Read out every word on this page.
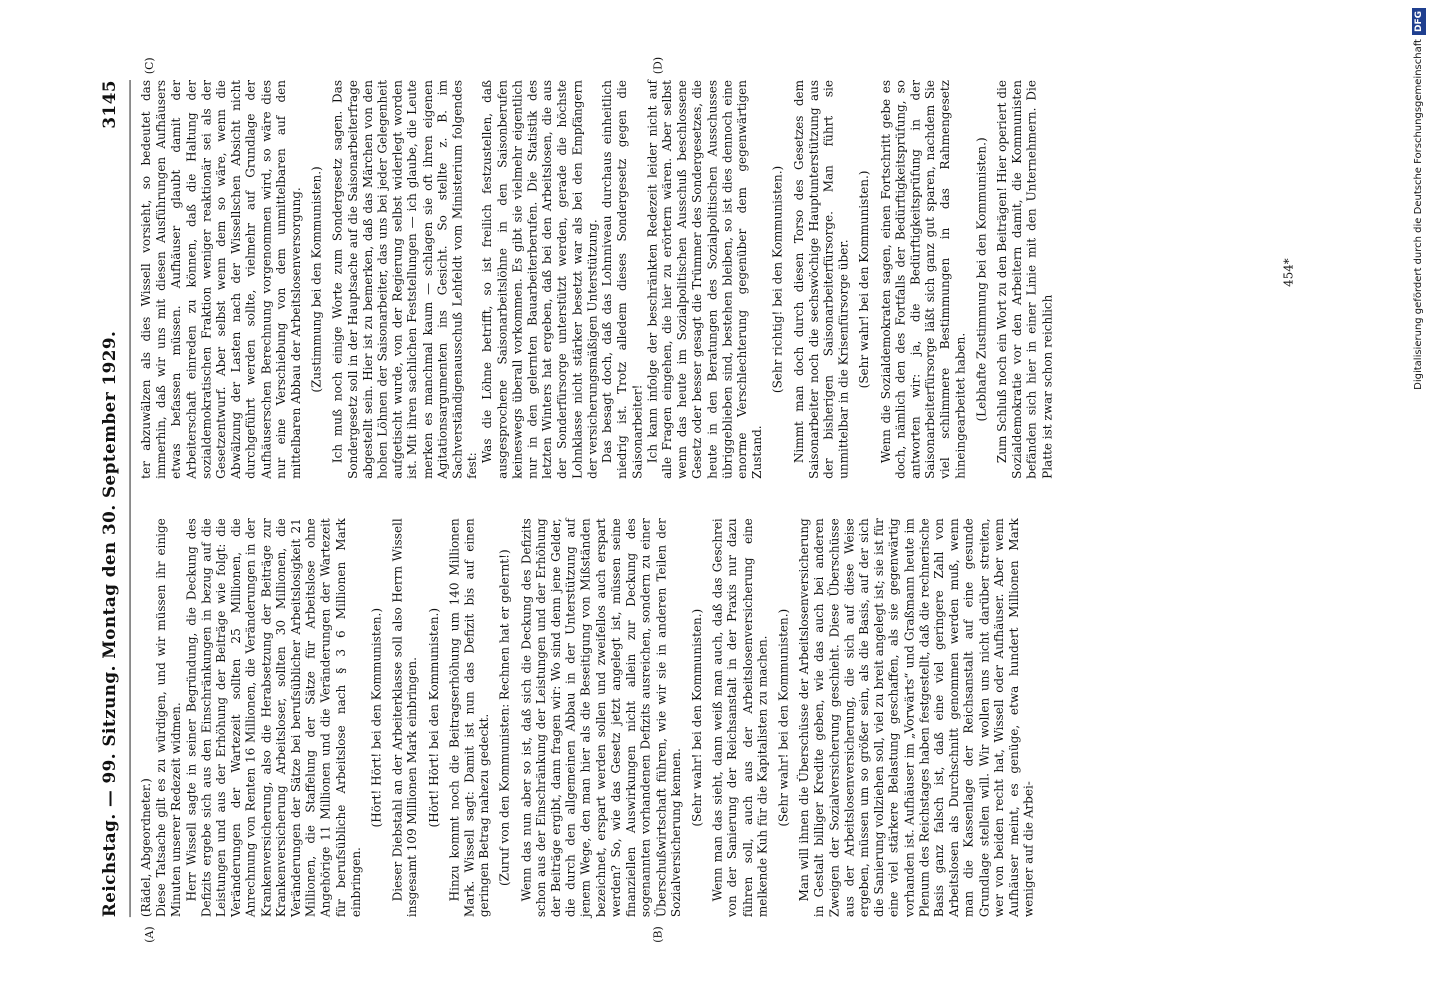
Reichstag. — 99. Sitzung. Montag den 30. September 1929.
3145

(Rädel, Abgeordneter.) Diese Tatsache gilt es zu würdigen, und wir müssen ihr einige Minuten unserer Redezeit widmen. Herr Wissell sagte in seiner Begründung, die Deckung des Defizits ergebe sich aus den Einschränkungen in bezug auf die Leistungen und aus der Erhöhung der Beiträge wie folgt: die Veränderungen der Wartezeit sollten 25 Millionen, die Anrechnung von Renten 16 Millionen, die Veränderungen in der Krankenversicherung, also die Herabsetzung der Beiträge zur Krankenversicherung Arbeitsloser, sollten 30 Millionen, die Veränderungen der Sätze bei berufsüblicher Arbeitslosigkeit 21 Millionen, die Staffelung der Sätze für Arbeitslose ohne Angehörige 11 Millionen und die Veränderungen der Wartezeit für berufsübliche Arbeitslose nach § 3 6 Millionen Mark einbringen.

(Hört! Hört! bei den Kommunisten.) Dieser Diebstahl an der Arbeiterklasse soll also Herrn Wissell insgesamt 109 Millionen Mark einbringen. (Hört! Hört! bei den Kommunisten.) Hinzu kommt noch die Beitragserhöhung um 140 Millionen Mark. Wissell sagt: Damit ist nun das Defizit bis auf einen geringen Betrag nahezu gedeckt. (Zuruf von den Kommunisten: Rechnen hat er gelernt!) Wenn das nun aber so ist, daß sich die Deckung des Defizits schon aus der Einschränkung der Leistungen und der Erhöhung der Beiträge ergibt, dann fragen wir: Wo sind denn jene Gelder, die durch den allgemeinen Abbau in der Unterstützung auf jenem Wege, den man hier als die Beseitigung von Mißständen bezeichnet, erspart werden sollen und zweifellos auch erspart werden? So, wie das Gesetz jetzt angelegt ist, müssen seine finanziellen Auswirkungen nicht allein zur Deckung des sogenannten vorhandenen Defizits ausreichen, sondern zu einer Überschußwirtschaft führen, wie wir sie in anderen Teilen der Sozialversicherung kennen.

(Sehr wahr! bei den Kommunisten.) Wenn man das sieht, dann weiß man auch, daß das Geschrei von der Sanierung der Reichsanstalt in der Praxis nur dazu führen soll, auch aus der Arbeitslosenversicherung eine melkende Kuh für die Kapitalisten zu machen. (Sehr wahr! bei den Kommunisten.) Man will ihnen die Überschüsse der Arbeitslosenversicherung in Gestalt billiger Kredite geben, wie das auch bei anderen Zweigen der Sozialversicherung geschieht. Diese Überschüsse aus der Arbeitslosenversicherung, die sich auf diese Weise ergeben, müssen um so größer sein, als die Basis, auf der sich die Sanierung vollziehen soll, viel zu breit angelegt ist; sie ist für eine viel stärkere Belastung geschaffen, als sie gegenwärtig vorhanden ist. Aufhäuser im „Vorwärts“ und Graßmann heute im Plenum des Reichstages haben festgestellt, daß die rechnerische Basis ganz falsch ist, daß eine viel geringere Zahl von Arbeitslosen als Durchschnitt genommen werden muß, wenn man die Kassenlage der Reichsanstalt auf eine gesunde Grundlage stellen will. Wir wollen uns nicht darüber streiten, wer von beiden recht hat, Wissell oder Aufhäuser. Aber wenn Aufhäuser meint, es genüge, etwa hundert Millionen Mark weniger auf die Arbei-

ter abzuwälzen als dies Wissell vorsieht, so bedeutet das immerhin, daß wir uns mit diesen Ausführungen Aufhäusers etwas befassen müssen. Aufhäuser glaubt damit der Arbeiterschaft einreden zu können, daß die Haltung der sozialdemokratischen Fraktion weniger reaktionär sei als der Gesetzentwurf. Aber selbst wenn dem so wäre, wenn die Abwälzung der Lasten nach der Wissellschen Absicht nicht durchgeführt werden sollte, vielmehr auf Grundlage der Aufhäuserschen Berechnung vorgenommen wird, so wäre dies nur eine Verschiebung von dem unmittelbaren auf den mittelbaren Abbau der Arbeitslosenversorgung. (Zustimmung bei den Kommunisten.) Ich muß noch einige Worte zum Sondergesetz sagen. Das Sondergesetz soll in der Hauptsache auf die Saisonarbeiterfrage abgestellt sein. Hier ist zu bemerken, daß das Märchen von den hohen Löhnen der Saisonarbeiter, das uns bei jeder Gelegenheit aufgetischt wurde, von der Regierung selbst widerlegt worden ist. Mit ihren sachlichen Feststellungen — ich glaube, die Leute merken es manchmal kaum — schlagen sie oft ihren eigenen Agitationsargumenten ins Gesicht. So stellte z. B. im Sachverständigenausschuß Lehfeldt vom Ministerium folgendes fest:

Was die Löhne betrifft, so ist freilich festzustellen, daß ausgesprochene Saisonarbeitslöhne in den Saisonberufen keineswegs überall vorkommen. Es gibt sie vielmehr eigentlich nur in den gelernten Bauarbeiterberufen. Die Statistik des letzten Winters hat ergeben, daß bei den Arbeitslosen, die aus der Sonderfürsorge unterstützt werden, gerade die höchste Lohnklasse nicht stärker besetzt war als bei den Empfängern der versicherungsmäßigen Unterstützung. Das besagt doch, daß das Lohnniveau durchaus einheitlich niedrig ist. Trotz alledem dieses Sondergesetz gegen die Saisonarbeiter! Ich kann infolge der beschränkten Redezeit leider nicht auf alle Fragen eingehen, die hier zu erörtern wären. Aber selbst wenn das heute im Sozialpolitischen Ausschuß beschlossene Gesetz oder besser gesagt die Trümmer des Sondergesetzes, die heute in den Beratungen des Sozialpolitischen Ausschusses übriggeblieben sind, bestehen bleiben, so ist dies dennoch eine enorme Verschlechterung gegenüber dem gegenwärtigen Zustand.

(Sehr richtig! bei den Kommunisten.) Nimmt man doch durch diesen Torso des Gesetzes dem Saisonarbeiter noch die sechswöchige Hauptunterstützung aus der bisherigen Saisonarbeiterfürsorge. Man führt sie unmittelbar in die Krisenfürsorge über. (Sehr wahr! bei den Kommunisten.) Wenn die Sozialdemokraten sagen, einen Fortschritt gebe es doch, nämlich den des Fortfalls der Bedürftigkeitsprüfung, so antworten wir: ja, die Bedürftigkeitsprüfung in der Saisonarbeiterfürsorge läßt sich ganz gut sparen, nachdem Sie viel schlimmere Bestimmungen in das Rahmengesetz hineingearbeitet haben. (Lebhafte Zustimmung bei den Kommunisten.) Zum Schluß noch ein Wort zu den Beiträgen! Hier operiert die Sozialdemokratie vor den Arbeitern damit, die Kommunisten befänden sich hier in einer Linie mit den Unternehmern. Die Platte ist zwar schon reichlich

(A)	(B)
(C)	(D)
454*	Digitalisierung gefördert durch die Deutsche ForschungsgemeinschaftDFG
